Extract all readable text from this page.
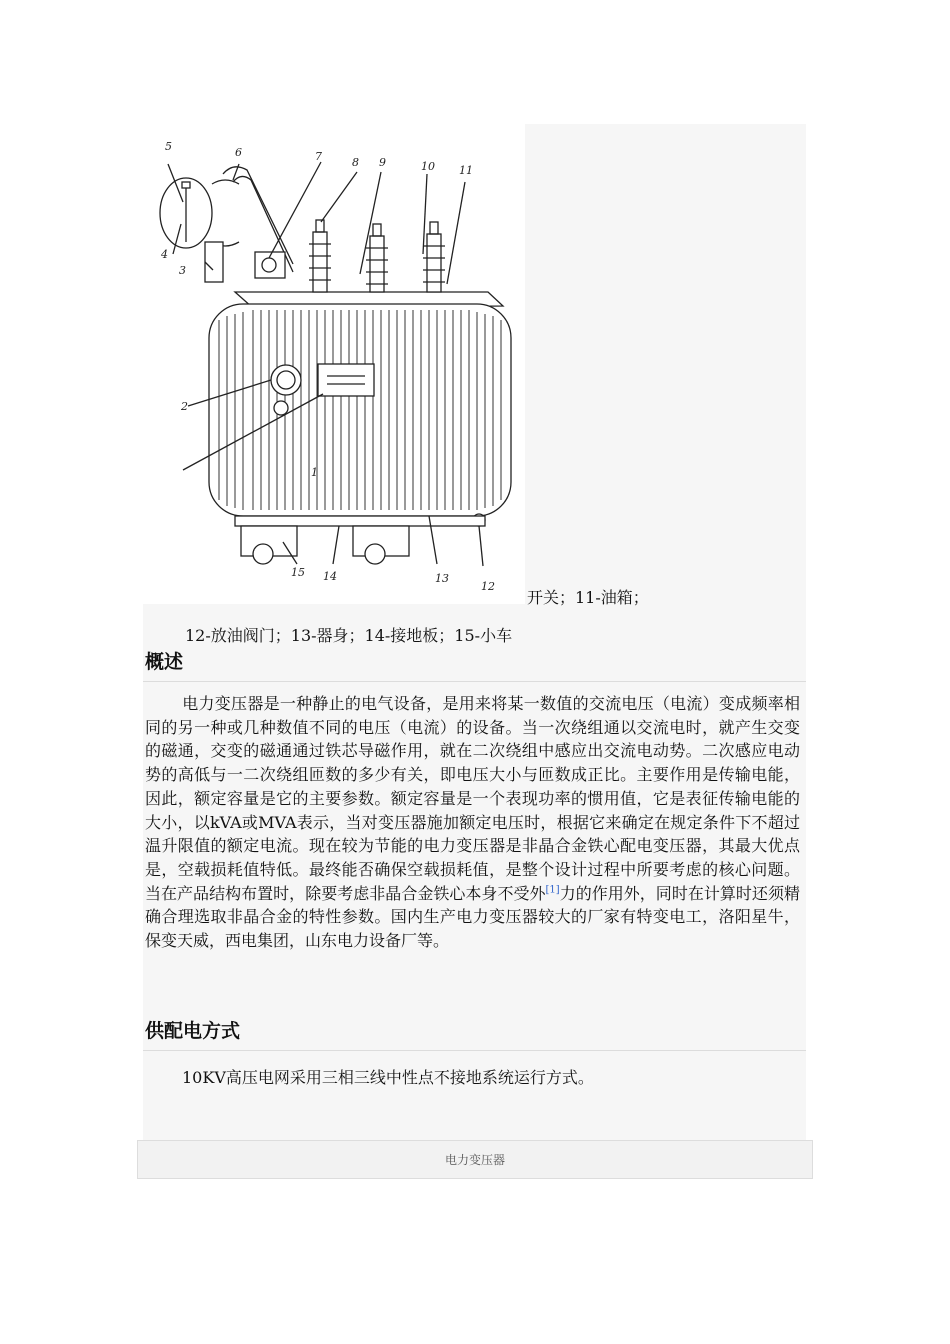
1
2
3
4
5	6	7	8 9	10 11
12
13
14
15
开关；11-油箱；
12-放油阀门；13-器身；14-接地板；15-小车
概述
电力变压器是一种静止的电气设备，是用来将某一数值的交流电压（电流）变成频率相同的另一种或几种数值不同的电压（电流）的设备。当一次绕组通以交流电时，就产生交变的磁通，交变的磁通通过铁芯导磁作用，就在二次绕组中感应出交流电动势。二次感应电动势的高低与一二次绕组匝数的多少有关，即电压大小与匝数成正比。主要作用是传输电能，因此，额定容量是它的主要参数。额定容量是一个表现功率的惯用值，它是表征传输电能的大小，以kVA或MVA表示，当对变压器施加额定电压时，根据它来确定在规定条件下不超过温升限值的额定电流。现在较为节能的电力变压器是非晶合金铁心配电变压器，其最大优点是，空载损耗值特低。最终能否确保空载损耗值，是整个设计过程中所要考虑的核心问题。当在产品结构布置时，除要考虑非晶合金铁心本身不受外[1]力的作用外，同时在计算时还须精确合理选取非晶合金的特性参数。国内生产电力变压器较大的厂家有特变电工，洛阳星牛，保变天威，西电集团，山东电力设备厂等。
供配电方式
10KV高压电网采用三相三线中性点不接地系统运行方式。
电力变压器
